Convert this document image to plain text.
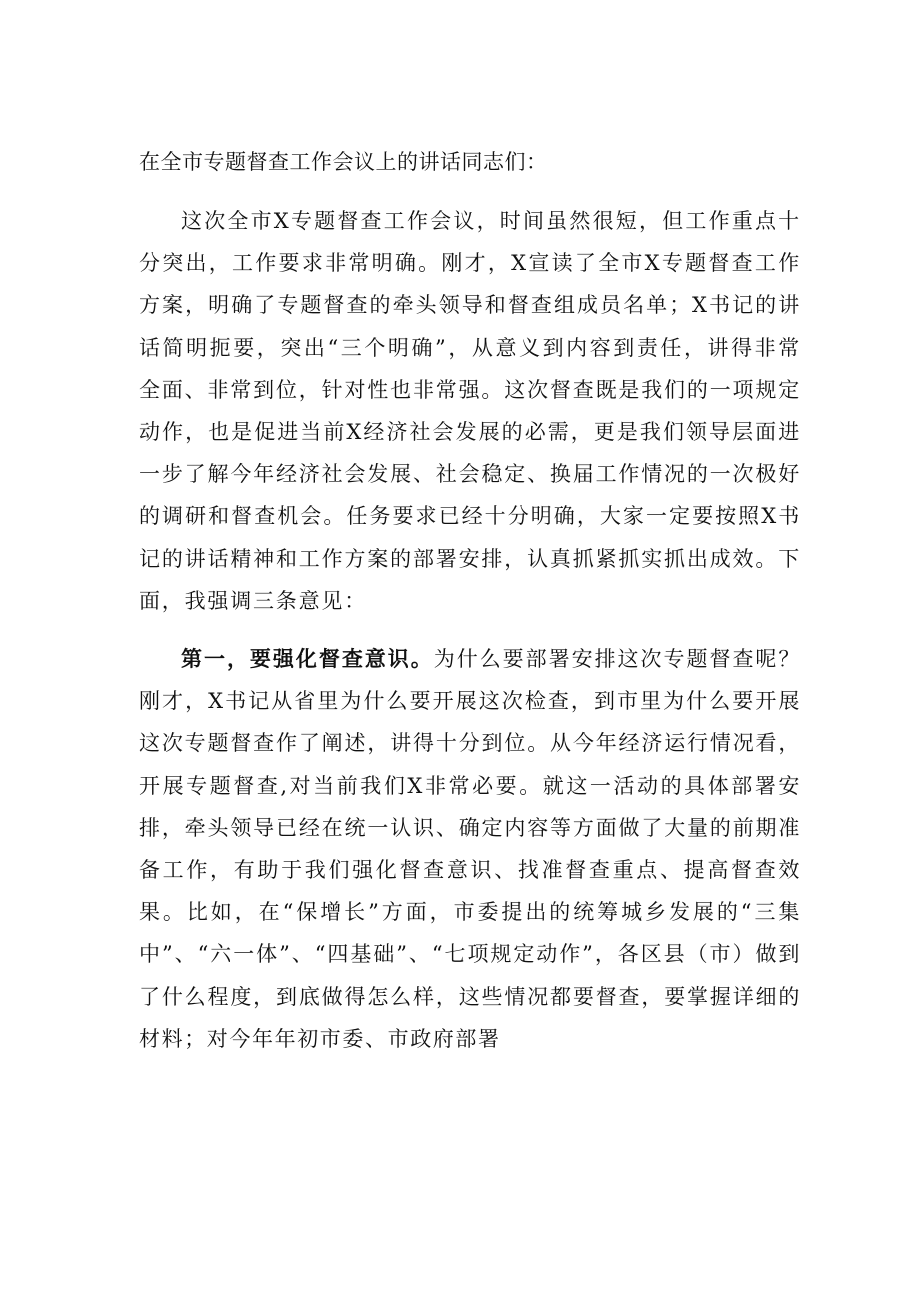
在全市专题督查工作会议上的讲话同志们：

这次全市X专题督查工作会议，时间虽然很短，但工作重点十分突出，工作要求非常明确。刚才，X宣读了全市X专题督查工作方案，明确了专题督查的牵头领导和督查组成员名单；X书记的讲话简明扼要，突出“三个明确”，从意义到内容到责任，讲得非常全面、非常到位，针对性也非常强。这次督查既是我们的一项规定动作，也是促进当前X经济社会发展的必需，更是我们领导层面进一步了解今年经济社会发展、社会稳定、换届工作情况的一次极好的调研和督查机会。任务要求已经十分明确，大家一定要按照X书记的讲话精神和工作方案的部署安排，认真抓紧抓实抓出成效。下面，我强调三条意见：

第一，要强化督查意识。为什么要部署安排这次专题督查呢？刚才，X书记从省里为什么要开展这次检查，到市里为什么要开展这次专题督查作了阐述，讲得十分到位。从今年经济运行情况看，开展专题督查,对当前我们X非常必要。就这一活动的具体部署安排，牵头领导已经在统一认识、确定内容等方面做了大量的前期准备工作，有助于我们强化督查意识、找准督查重点、提高督查效果。比如，在“保增长”方面，市委提出的统筹城乡发展的“三集中”、“六一体”、“四基础”、“七项规定动作”，各区县（市）做到了什么程度，到底做得怎么样，这些情况都要督查，要掌握详细的材料；对今年年初市委、市政府部署
